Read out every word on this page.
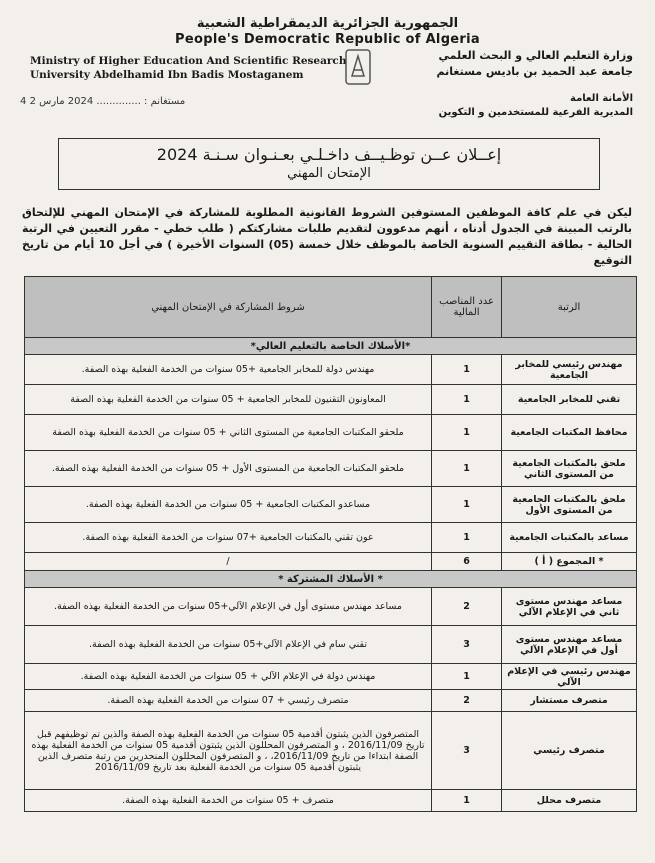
الجمهورية الجزائرية الديمقراطية الشعبية
People's Democratic Republic of Algeria
Ministry of Higher Education And Scientific Research
University Abdelhamid Ibn Badis Mostaganem
وزارة التعليم العالي و البحث العلمي
جامعة عبد الحميد بن باديس مستغانم
مستغانم : .............. 2024 مارس 2 4	الأمانة العامة
المديرية الفرعية للمستخدمين و التكوين
إعــلان عــن توظـيــف داخـلـي بعـنـوان سـنـة 2024
الإمتحان المهني
ليكن في علم كافة الموظفين المستوفين الشروط القانونية المطلوبة للمشاركة في الإمتحان المهني للإلتحاق بالرتب المبينة في الجدول أدناه ، أنهم مدعوون لتقديم طلبات مشاركتكم ( طلب خطي - مقرر التعيين في الرتبة الحالية - بطاقة التقييم السنوية الخاصة بالموظف خلال خمسة (05) السنوات الأخيرة ) في أجل 10 أيام من تاريخ التوقيع
الرتبة	عدد المناصب المالية	شروط المشاركة في الإمتحان المهني
*الأسلاك الخاصة بالتعليم العالي*		
مهندس رئيسي للمخابر الجامعية	1	مهندس دولة للمخابر الجامعية +05 سنوات من الخدمة الفعلية بهذه الصفة.
تقني للمخابر الجامعية	1	المعاونون التقنيون للمخابر الجامعية + 05 سنوات من الخدمة الفعلية بهذه الصفة
محافظ المكتبات الجامعية	1	ملحقو المكتبات الجامعية من المستوى الثاني + 05 سنوات من الخدمة الفعلية بهذه الصفة
ملحق بالمكتبات الجامعية من المستوى الثاني	1	ملحقو المكتبات الجامعية من المستوى الأول + 05 سنوات من الخدمة الفعلية بهذه الصفة.
ملحق بالمكتبات الجامعية من المستوى الأول	1	مساعدو المكتبات الجامعية + 05 سنوات من الخدمة الفعلية بهذه الصفة.
مساعد بالمكتبات الجامعية	1	عون تقني بالمكتبات الجامعية +07 سنوات من الخدمة الفعلية بهذه الصفة.
* المجموع ( أ )	6	/
* الأسلاك المشتركة *		
مساعد مهندس مستوى ثاني في الإعلام الآلي	2	مساعد مهندس مستوى أول في الإعلام الآلي+05 سنوات من الخدمة الفعلية بهذه الصفة.
مساعد مهندس مستوى أول في الإعلام الآلي	3	تقني سام في الإعلام الآلي+05 سنوات من الخدمة الفعلية بهذه الصفة.
مهندس رئيسي في الإعلام الآلي	1	مهندس دولة في الإعلام الآلي + 05 سنوات من الخدمة الفعلية بهذه الصفة.
متصرف مستشار	2	متصرف رئيسي + 07 سنوات من الخدمة الفعلية بهذه الصفة.
متصرف رئيسي	3	المتصرفون الذين يثبتون أقدمية 05 سنوات من الخدمة الفعلية بهذه الصفة والذين تم توظيفهم قبل تاريخ 2016/11/09 ، و المتصرفون المحللون الذين يثبتون أقدمية 05 سنوات من الخدمة الفعلية بهذه الصفة ابتداءا من تاريخ 2016/11/09، ، و المتصرفون المحللون المنحدرين من رتبة متصرف الذين يثبتون أقدمية 05 سنوات من الخدمة الفعلية بعد تاريخ 2016/11/09
متصرف محلل	1	متصرف + 05 سنوات من الخدمة الفعلية بهذه الصفة.
